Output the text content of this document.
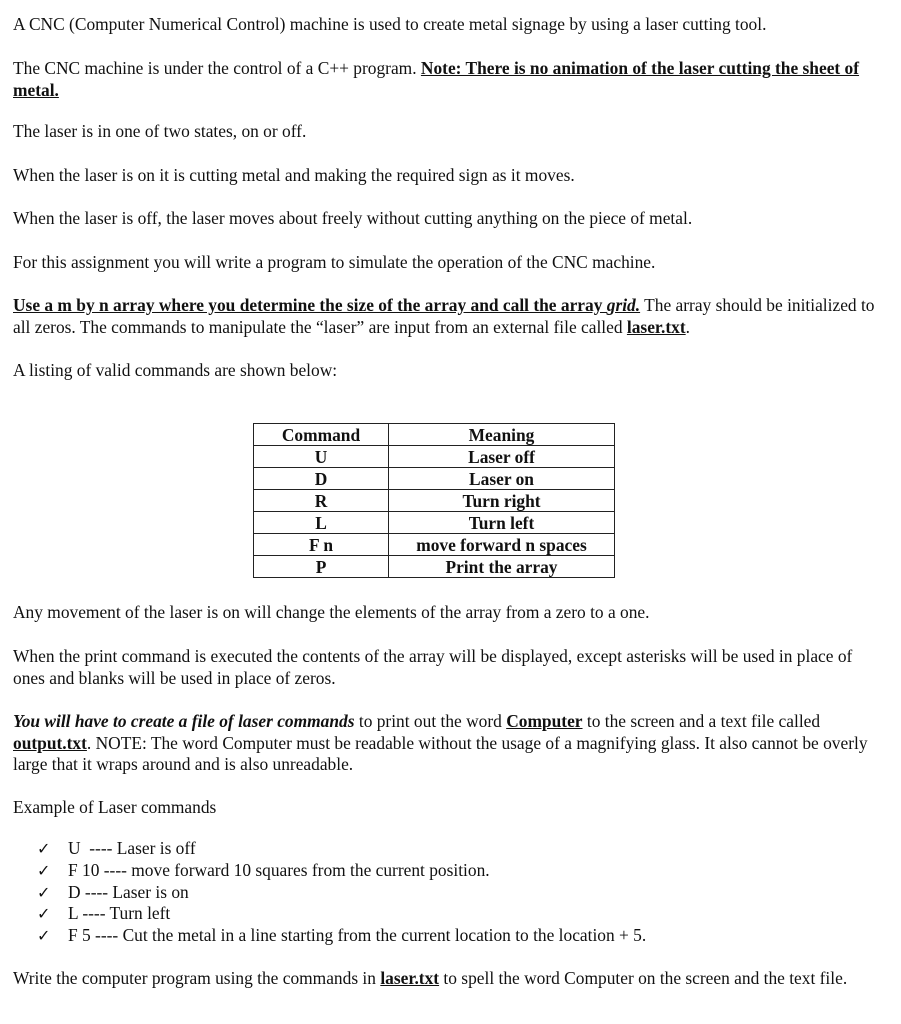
A CNC (Computer Numerical Control) machine is used to create metal signage by using a laser cutting tool.

The CNC machine is under the control of a C++ program. Note: There is no animation of the laser cutting the sheet of metal.

The laser is in one of two states, on or off.

When the laser is on it is cutting metal and making the required sign as it moves.

When the laser is off, the laser moves about freely without cutting anything on the piece of metal.

For this assignment you will write a program to simulate the operation of the CNC machine.

Use a m by n array where you determine the size of the array and call the array grid. The array should be initialized to all zeros. The commands to manipulate the “laser” are input from an external file called laser.txt.

A listing of valid commands are shown below:

Command	Meaning
U	Laser off
D	Laser on
R	Turn right
L	Turn left
F n	move forward n spaces
P	Print the array

Any movement of the laser is on will change the elements of the array from a zero to a one.

When the print command is executed the contents of the array will be displayed, except asterisks will be used in place of ones and blanks will be used in place of zeros.

You will have to create a file of laser commands to print out the word Computer to the screen and a text file called output.txt. NOTE: The word Computer must be readable without the usage of a magnifying glass. It also cannot be overly large that it wraps around and is also unreadable.

Example of Laser commands

✓ U  ---- Laser is off
✓ F 10 ---- move forward 10 squares from the current position.
✓ D ---- Laser is on
✓ L ---- Turn left
✓ F 5 ---- Cut the metal in a line starting from the current location to the location + 5.

Write the computer program using the commands in laser.txt to spell the word Computer on the screen and the text file.
